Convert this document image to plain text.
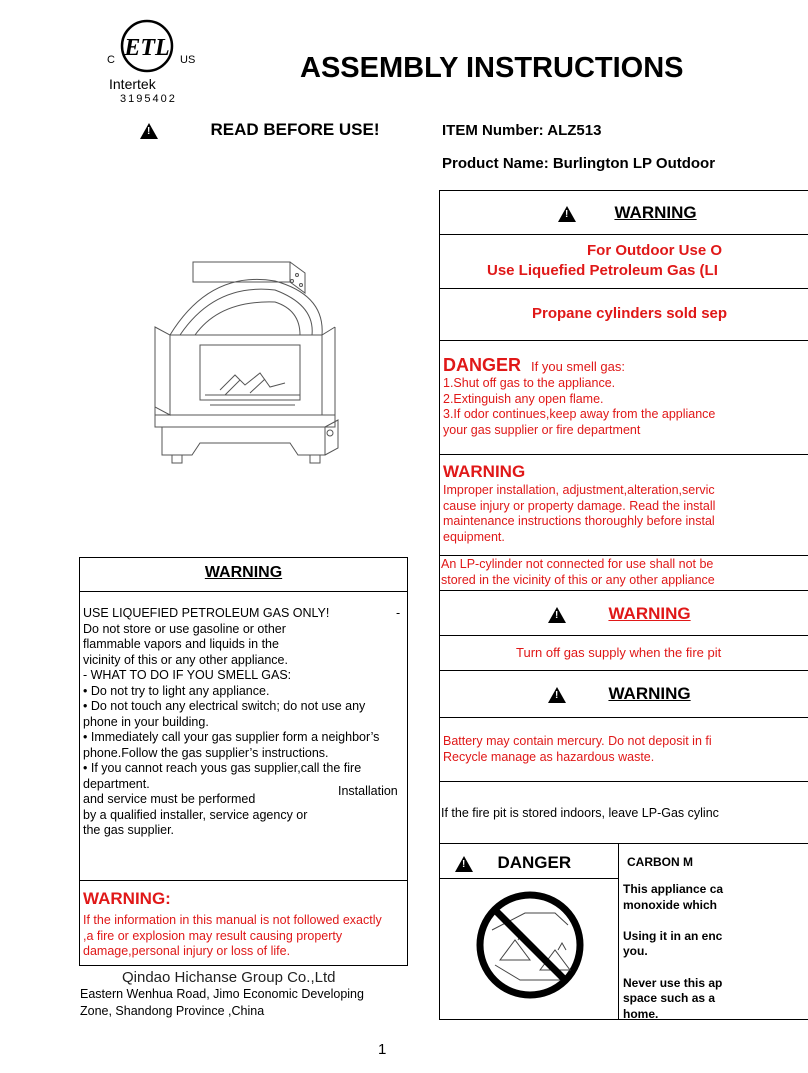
ETL
C	US
Intertek
3195402
ASSEMBLY INSTRUCTIONS
! READ BEFORE USE!	ITEM Number: ALZ513
Product Name: Burlington LP Outdoor
WARNING
-
USE LIQUEFIED PETROLEUM GAS ONLY!
Do not store or use gasoline or other
flammable vapors and liquids in the
vicinity of this or any other appliance.
- WHAT TO DO IF YOU SMELL GAS:
• Do not try to light any appliance.
• Do not touch any electrical switch; do not use any
phone in your building.
• Immediately call your gas supplier form a neighbor’s
phone.Follow the gas supplier’s instructions.
• If you cannot reach yous gas supplier,call the fire
department.
and service must be performed
by a qualified installer, service agency or
the gas supplier.
Installation
WARNING:
If the information in this manual is not followed exactly
,a fire or explosion may result causing property
damage,personal injury or loss of life.
Qindao Hichanse Group Co.,Ltd
Eastern Wenhua Road, Jimo Economic Developing
Zone, Shandong Province ,China
! WARNING
For Outdoor Use O
Use Liquefied Petroleum Gas (LI
Propane cylinders sold sep
DANGER If you smell gas:
1.Shut off gas to the appliance.
2.Extinguish any open flame.
3.If odor continues,keep away from the appliance
your gas supplier or fire department
WARNING
Improper installation, adjustment,alteration,servic
cause injury or property damage. Read the install
maintenance instructions thoroughly before instal
equipment.
An LP-cylinder not connected for use shall not be
stored in the vicinity of this or any other appliance
! WARNING
Turn off gas supply when the fire pit
! WARNING
Battery may contain mercury. Do not deposit in fi
Recycle manage as hazardous waste.
If the fire pit is stored indoors, leave LP-Gas cylinc
! DANGER	CARBON M
This appliance ca
monoxide which

Using it in an enc
you.

Never use this ap
space such as a
home.
1
